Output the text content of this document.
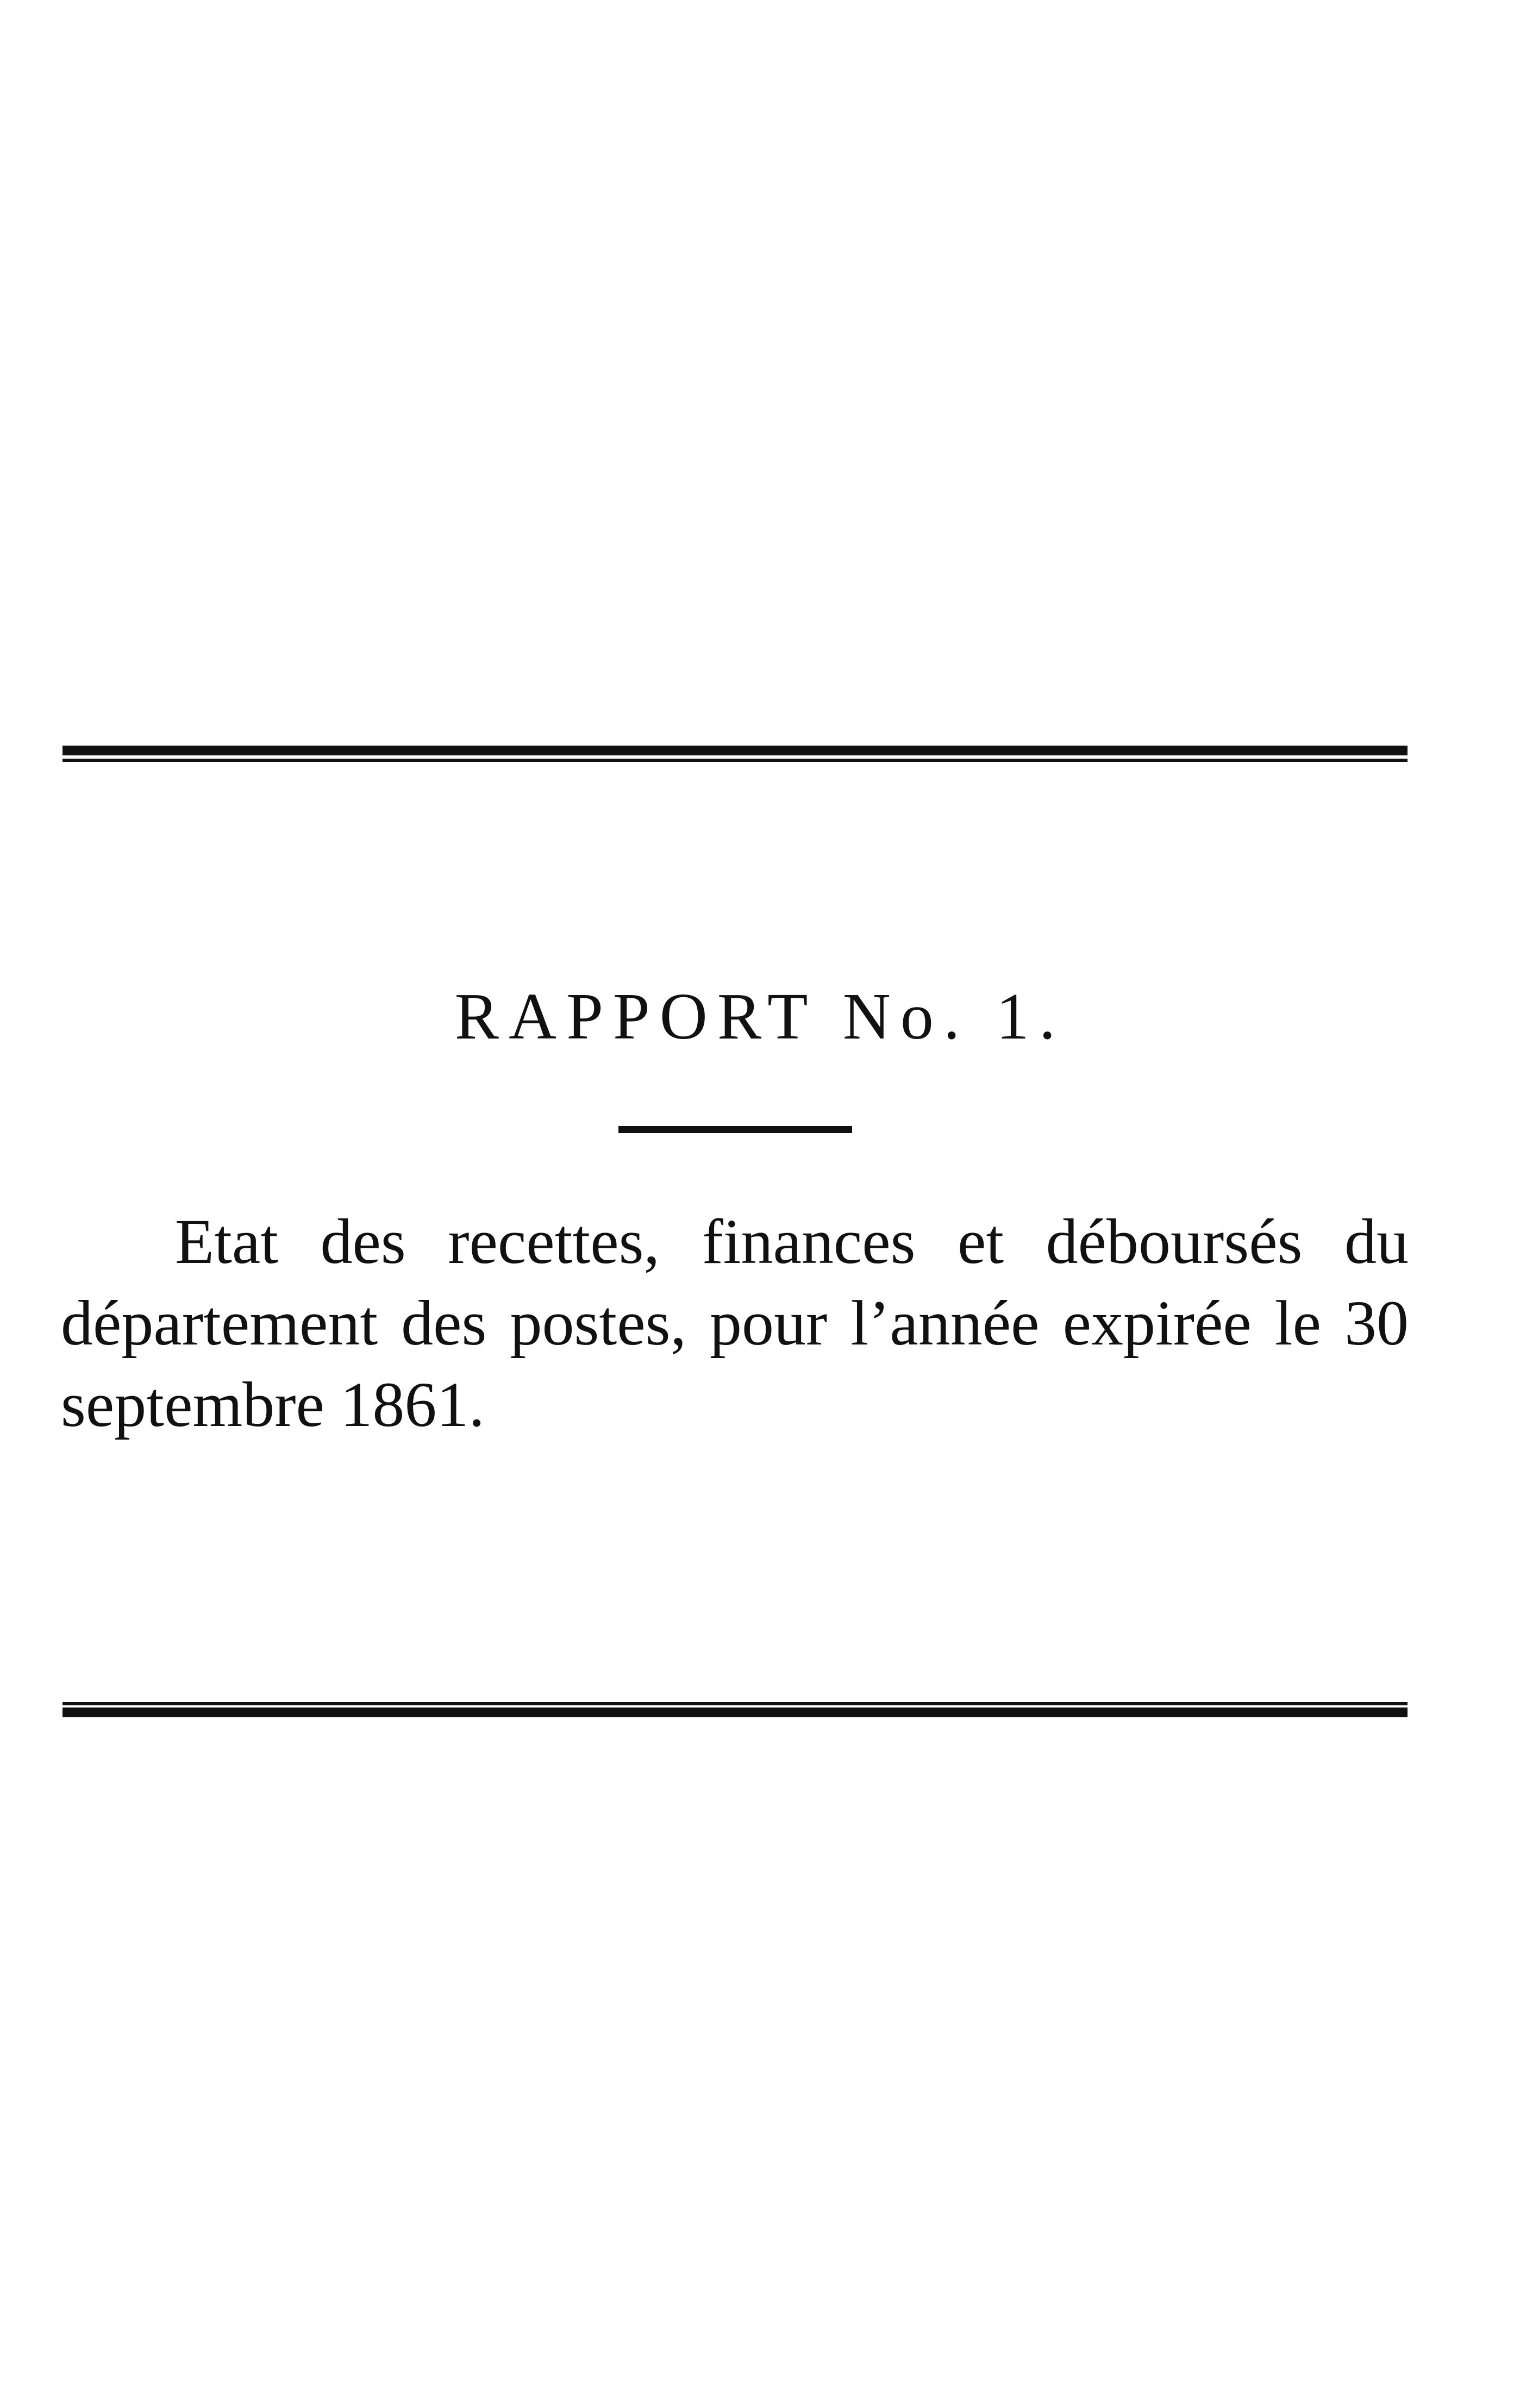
RAPPORT No. 1.

Etat des recettes, finances et déboursés du
département des postes, pour l’année expirée le 30
septembre 1861.
